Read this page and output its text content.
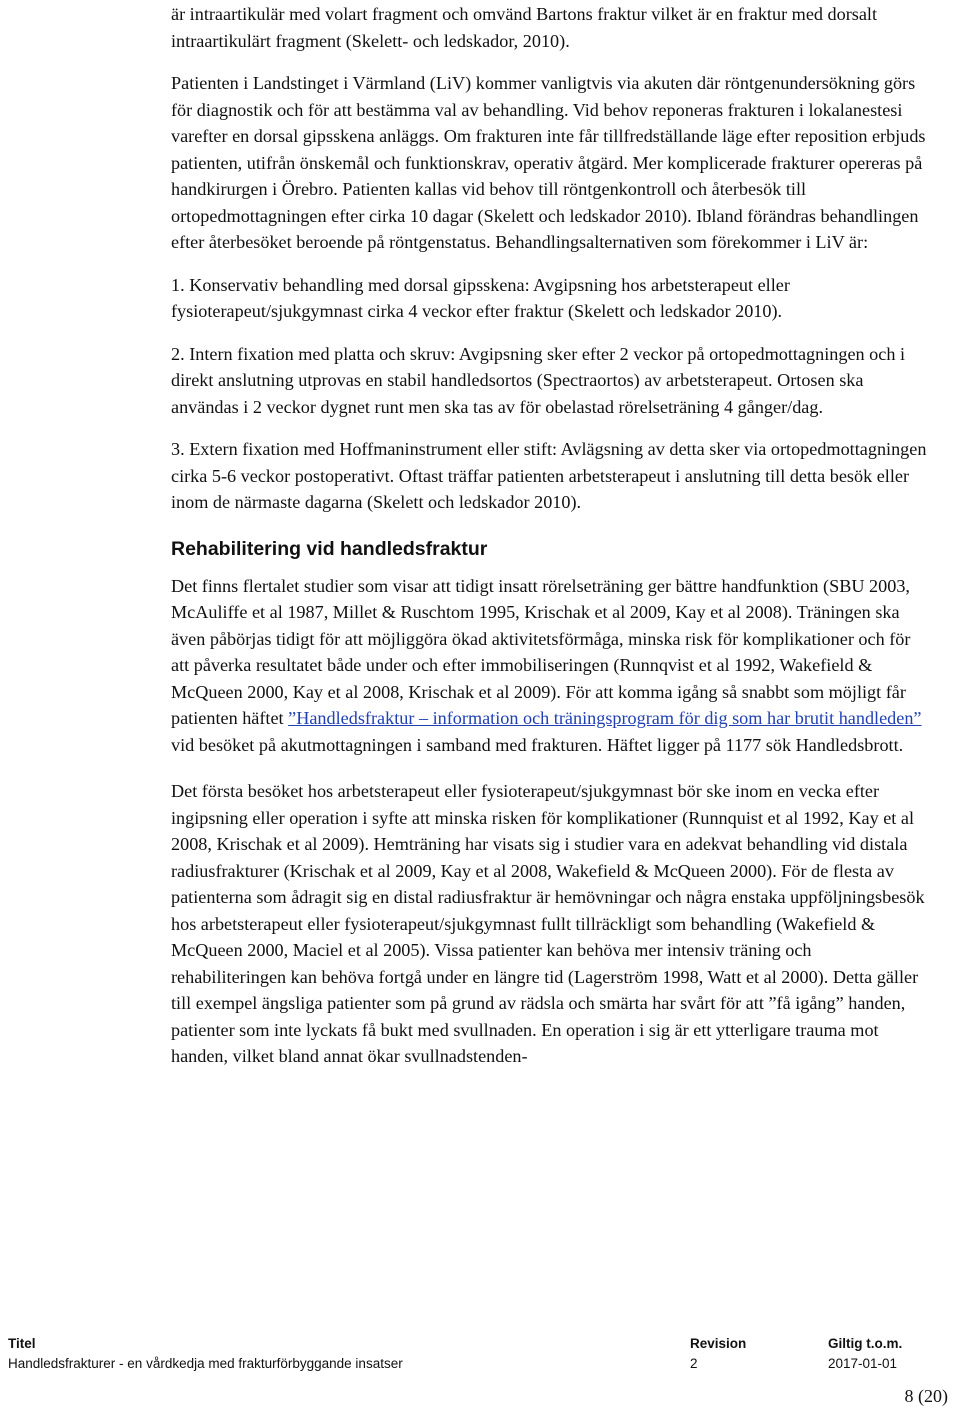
är intraartikulär med volart fragment och omvänd Bartons fraktur vilket är en fraktur med dorsalt intraartikulärt fragment (Skelett- och ledskador, 2010).

Patienten i Landstinget i Värmland (LiV) kommer vanligtvis via akuten där röntgenundersökning görs för diagnostik och för att bestämma val av behandling. Vid behov reponeras frakturen i lokalanestesi varefter en dorsal gipsskena anläggs. Om frakturen inte får tillfredställande läge efter reposition erbjuds patienten, utifrån önskemål och funktionskrav, operativ åtgärd. Mer komplicerade frakturer opereras på handkirurgen i Örebro. Patienten kallas vid behov till röntgenkontroll och återbesök till ortopedmottagningen efter cirka 10 dagar (Skelett och ledskador 2010). Ibland förändras behandlingen efter återbesöket beroende på röntgenstatus. Behandlingsalternativen som förekommer i LiV är:

1. Konservativ behandling med dorsal gipsskena: Avgipsning hos arbetsterapeut eller fysioterapeut/sjukgymnast cirka 4 veckor efter fraktur (Skelett och ledskador 2010).

2. Intern fixation med platta och skruv: Avgipsning sker efter 2 veckor på ortopedmottagningen och i direkt anslutning utprovas en stabil handledsortos (Spectraortos) av arbetsterapeut. Ortosen ska användas i 2 veckor dygnet runt men ska tas av för obelastad rörelseträning 4 gånger/dag.

3. Extern fixation med Hoffmaninstrument eller stift: Avlägsning av detta sker via ortopedmottagningen cirka 5-6 veckor postoperativt. Oftast träffar patienten arbetsterapeut i anslutning till detta besök eller inom de närmaste dagarna (Skelett och ledskador 2010).

Rehabilitering vid handledsfraktur

Det finns flertalet studier som visar att tidigt insatt rörelseträning ger bättre handfunktion (SBU 2003, McAuliffe et al 1987, Millet & Ruschtom 1995, Krischak et al 2009, Kay et al 2008). Träningen ska även påbörjas tidigt för att möjliggöra ökad aktivitetsförmåga, minska risk för komplikationer och för att påverka resultatet både under och efter immobiliseringen (Runnqvist et al 1992, Wakefield & McQueen 2000, Kay et al 2008, Krischak et al 2009). För att komma igång så snabbt som möjligt får patienten häftet ”Handledsfraktur – information och träningsprogram för dig som har brutit handleden” vid besöket på akutmottagningen i samband med frakturen. Häftet ligger på 1177 sök Handledsbrott.

Det första besöket hos arbetsterapeut eller fysioterapeut/sjukgymnast bör ske inom en vecka efter ingipsning eller operation i syfte att minska risken för komplikationer (Runnquist et al 1992, Kay et al 2008, Krischak et al 2009). Hemträning har visats sig i studier vara en adekvat behandling vid distala radiusfrakturer (Krischak et al 2009, Kay et al 2008, Wakefield & McQueen 2000). För de flesta av patienterna som ådragit sig en distal radiusfraktur är hemövningar och några enstaka uppföljningsbesök hos arbetsterapeut eller fysioterapeut/sjukgymnast fullt tillräckligt som behandling (Wakefield & McQueen 2000, Maciel et al 2005). Vissa patienter kan behöva mer intensiv träning och rehabiliteringen kan behöva fortgå under en längre tid (Lagerström 1998, Watt et al 2000). Detta gäller till exempel ängsliga patienter som på grund av rädsla och smärta har svårt för att ”få igång” handen, patienter som inte lyckats få bukt med svullnaden. En operation i sig är ett ytterligare trauma mot handen, vilket bland annat ökar svullnadstenden-

Titel
Handledsfrakturer - en vårdkedja med frakturförbyggande insatser
Revision
2
Giltig t.o.m.
2017-01-01
8 (20)
